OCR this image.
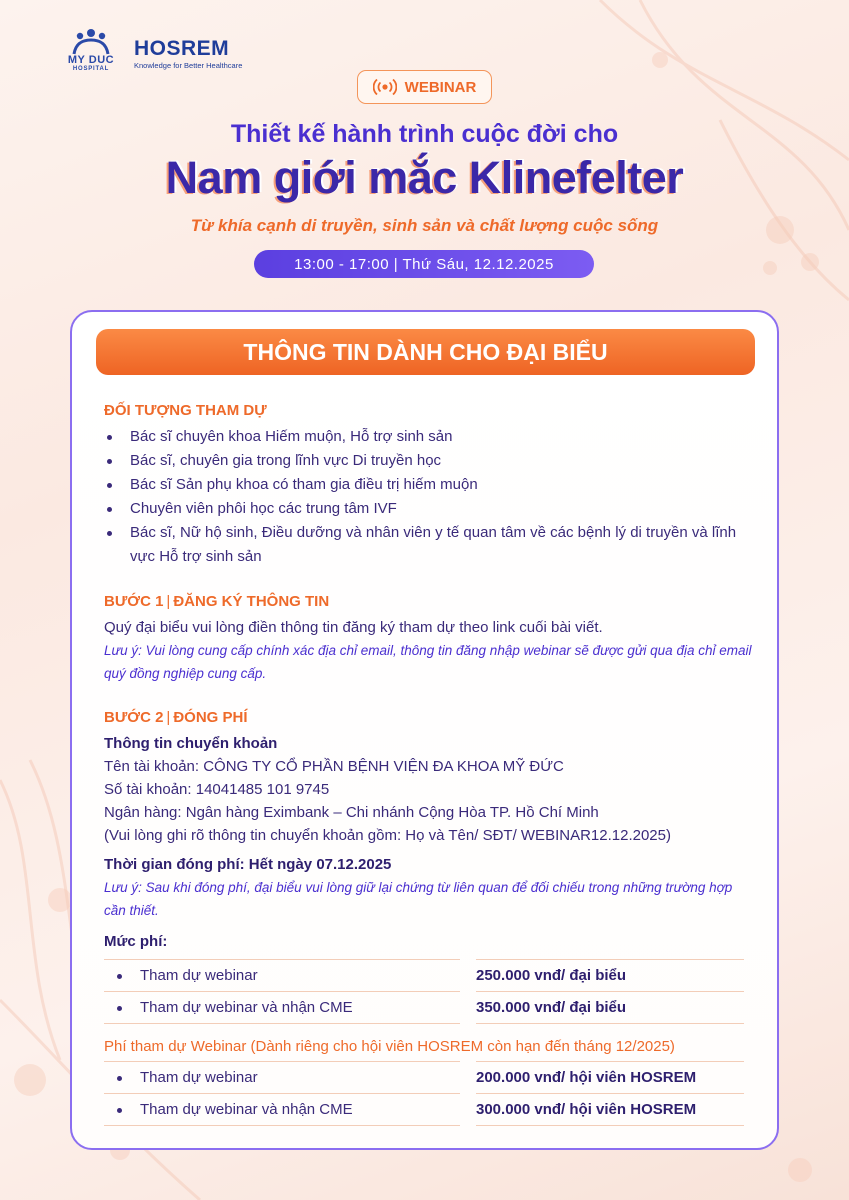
MY DUC
HOSPITAL
HOSREM
Knowledge for Better Healthcare
WEBINAR
Thiết kế hành trình cuộc đời cho
Nam giới mắc Klinefelter
Từ khía cạnh di truyền, sinh sản và chất lượng cuộc sống
13:00 - 17:00 | Thứ Sáu, 12.12.2025
THÔNG TIN DÀNH CHO ĐẠI BIỂU
ĐỐI TƯỢNG THAM DỰ
Bác sĩ chuyên khoa Hiếm muộn, Hỗ trợ sinh sản
Bác sĩ, chuyên gia trong lĩnh vực Di truyền học
Bác sĩ Sản phụ khoa có tham gia điều trị hiếm muộn
Chuyên viên phôi học các trung tâm IVF
Bác sĩ, Nữ hộ sinh, Điều dưỡng và nhân viên y tế quan tâm về các bệnh lý di truyền và lĩnh vực Hỗ trợ sinh sản
BƯỚC 1 | ĐĂNG KÝ THÔNG TIN
Quý đại biểu vui lòng điền thông tin đăng ký tham dự theo link cuối bài viết.
Lưu ý: Vui lòng cung cấp chính xác địa chỉ email, thông tin đăng nhập webinar sẽ được gửi qua địa chỉ email quý đồng nghiệp cung cấp.
BƯỚC 2 | ĐÓNG PHÍ
Thông tin chuyển khoản
Tên tài khoản: CÔNG TY CỔ PHẦN BỆNH VIỆN ĐA KHOA MỸ ĐỨC
Số tài khoản: 14041485 101 9745
Ngân hàng: Ngân hàng Eximbank – Chi nhánh Cộng Hòa TP. Hồ Chí Minh
(Vui lòng ghi rõ thông tin chuyển khoản gồm: Họ và Tên/ SĐT/ WEBINAR12.12.2025)
Thời gian đóng phí: Hết ngày 07.12.2025
Lưu ý: Sau khi đóng phí, đại biểu vui lòng giữ lại chứng từ liên quan để đối chiếu trong những trường hợp cần thiết.
Mức phí:
Tham dự webinar	250.000 vnđ/ đại biểu
Tham dự webinar và nhận CME	350.000 vnđ/ đại biểu
Phí tham dự Webinar (Dành riêng cho hội viên HOSREM còn hạn đến tháng 12/2025)
Tham dự webinar	200.000 vnđ/ hội viên HOSREM
Tham dự webinar và nhận CME	300.000 vnđ/ hội viên HOSREM
